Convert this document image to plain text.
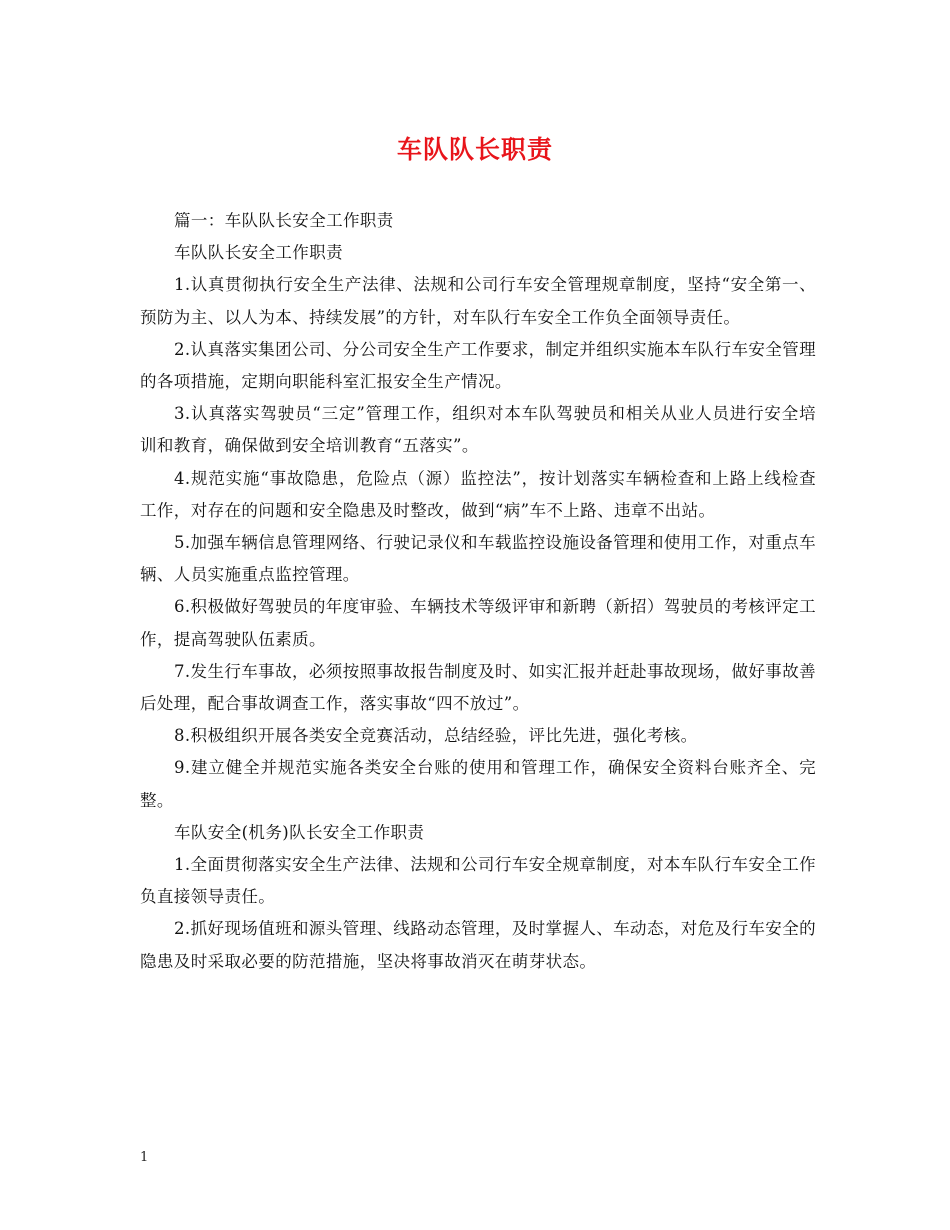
车队队长职责

篇一：车队队长安全工作职责

车队队长安全工作职责

1.认真贯彻执行安全生产法律、法规和公司行车安全管理规章制度，坚持“安全第一、预防为主、以人为本、持续发展”的方针，对车队行车安全工作负全面领导责任。

2.认真落实集团公司、分公司安全生产工作要求，制定并组织实施本车队行车安全管理的各项措施，定期向职能科室汇报安全生产情况。

3.认真落实驾驶员“三定”管理工作，组织对本车队驾驶员和相关从业人员进行安全培训和教育，确保做到安全培训教育“五落实”。

4.规范实施“事故隐患，危险点（源）监控法”，按计划落实车辆检查和上路上线检查工作，对存在的问题和安全隐患及时整改，做到“病”车不上路、违章不出站。

5.加强车辆信息管理网络、行驶记录仪和车载监控设施设备管理和使用工作，对重点车辆、人员实施重点监控管理。

6.积极做好驾驶员的年度审验、车辆技术等级评审和新聘（新招）驾驶员的考核评定工作，提高驾驶队伍素质。

7.发生行车事故，必须按照事故报告制度及时、如实汇报并赶赴事故现场，做好事故善后处理，配合事故调查工作，落实事故“四不放过”。

8.积极组织开展各类安全竞赛活动，总结经验，评比先进，强化考核。

9.建立健全并规范实施各类安全台账的使用和管理工作，确保安全资料台账齐全、完整。

车队安全(机务)队长安全工作职责

1.全面贯彻落实安全生产法律、法规和公司行车安全规章制度，对本车队行车安全工作负直接领导责任。

2.抓好现场值班和源头管理、线路动态管理，及时掌握人、车动态，对危及行车安全的隐患及时采取必要的防范措施，坚决将事故消灭在萌芽状态。

1
